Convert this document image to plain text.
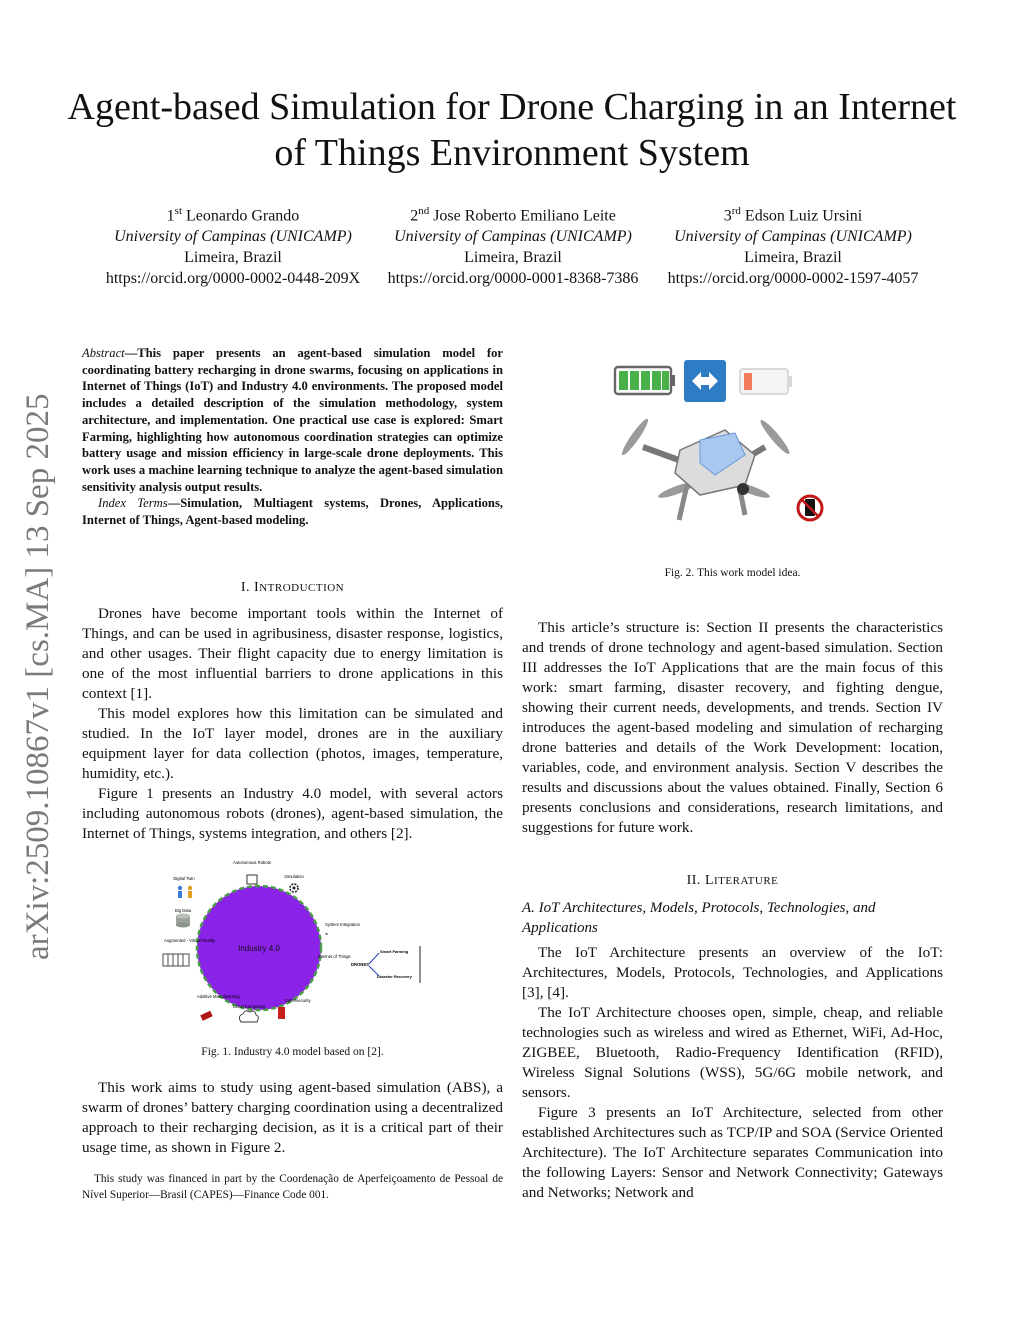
Agent-based Simulation for Drone Charging in an Internet of Things Environment System
1st Leonardo Grando
University of Campinas (UNICAMP)
Limeira, Brazil
https://orcid.org/0000-0002-0448-209X
2nd Jose Roberto Emiliano Leite
University of Campinas (UNICAMP)
Limeira, Brazil
https://orcid.org/0000-0001-8368-7386
3rd Edson Luiz Ursini
University of Campinas (UNICAMP)
Limeira, Brazil
https://orcid.org/0000-0002-1597-4057
arXiv:2509.10867v1 [cs.MA] 13 Sep 2025

Abstract—This paper presents an agent-based simulation model for coordinating battery recharging in drone swarms, focusing on applications in Internet of Things (IoT) and Industry 4.0 environments. The proposed model includes a detailed description of the simulation methodology, system architecture, and implementation. One practical use case is explored: Smart Farming, highlighting how autonomous coordination strategies can optimize battery usage and mission efficiency in large-scale drone deployments. This work uses a machine learning technique to analyze the agent-based simulation sensitivity analysis output results.

Index Terms—Simulation, Multiagent systems, Drones, Applications, Internet of Things, Agent-based modeling.

I. INTRODUCTION

Drones have become important tools within the Internet of Things, and can be used in agribusiness, disaster response, logistics, and other usages. Their flight capacity due to energy limitation is one of the most influential barriers to drone applications in this context [1].

This model explores how this limitation can be simulated and studied. In the IoT layer model, drones are in the auxiliary equipment layer for data collection (photos, images, temperature, humidity, etc.).

Figure 1 presents an Industry 4.0 model, with several actors including autonomous robots (drones), agent-based simulation, the Internet of Things, systems integration, and others [2].

Industry 4.0
Digital Twin
Autonomous Robots
Simulation
Big Data
System Integration
≈
Augmented - Virtual Reality
Internet of Things
DRONES
Smart Farming
Disaster Recovery
Additive Manufacturing
Cloud Computing
Cybersecurity
Fig. 1. Industry 4.0 model based on [2].

This work aims to study using agent-based simulation (ABS), a swarm of drones’ battery charging coordination using a decentralized approach to their recharging decision, as it is a critical part of their usage time, as shown in Figure 2.

This study was financed in part by the Coordenação de Aperfeiçoamento de Pessoal de Nível Superior—Brasil (CAPES)—Finance Code 001.

Fig. 2. This work model idea.

This article’s structure is: Section II presents the characteristics and trends of drone technology and agent-based simulation. Section III addresses the IoT Applications that are the main focus of this work: smart farming, disaster recovery, and fighting dengue, showing their current needs, developments, and trends. Section IV introduces the agent-based modeling and simulation of recharging drone batteries and details of the Work Development: location, variables, code, and environment analysis. Section V describes the results and discussions about the values obtained. Finally, Section 6 presents conclusions and considerations, research limitations, and suggestions for future work.

II. LITERATURE
A. IoT Architectures, Models, Protocols, Technologies, and Applications

The IoT Architecture presents an overview of the IoT: Architectures, Models, Protocols, Technologies, and Applications [3], [4].

The IoT Architecture chooses open, simple, cheap, and reliable technologies such as wireless and wired as Ethernet, WiFi, Ad-Hoc, ZIGBEE, Bluetooth, Radio-Frequency Identification (RFID), Wireless Signal Solutions (WSS), 5G/6G mobile network, and sensors.

Figure 3 presents an IoT Architecture, selected from other established Architectures such as TCP/IP and SOA (Service Oriented Architecture). The IoT Architecture separates Communication into the following Layers: Sensor and Network Connectivity; Gateways and Networks; Network and
